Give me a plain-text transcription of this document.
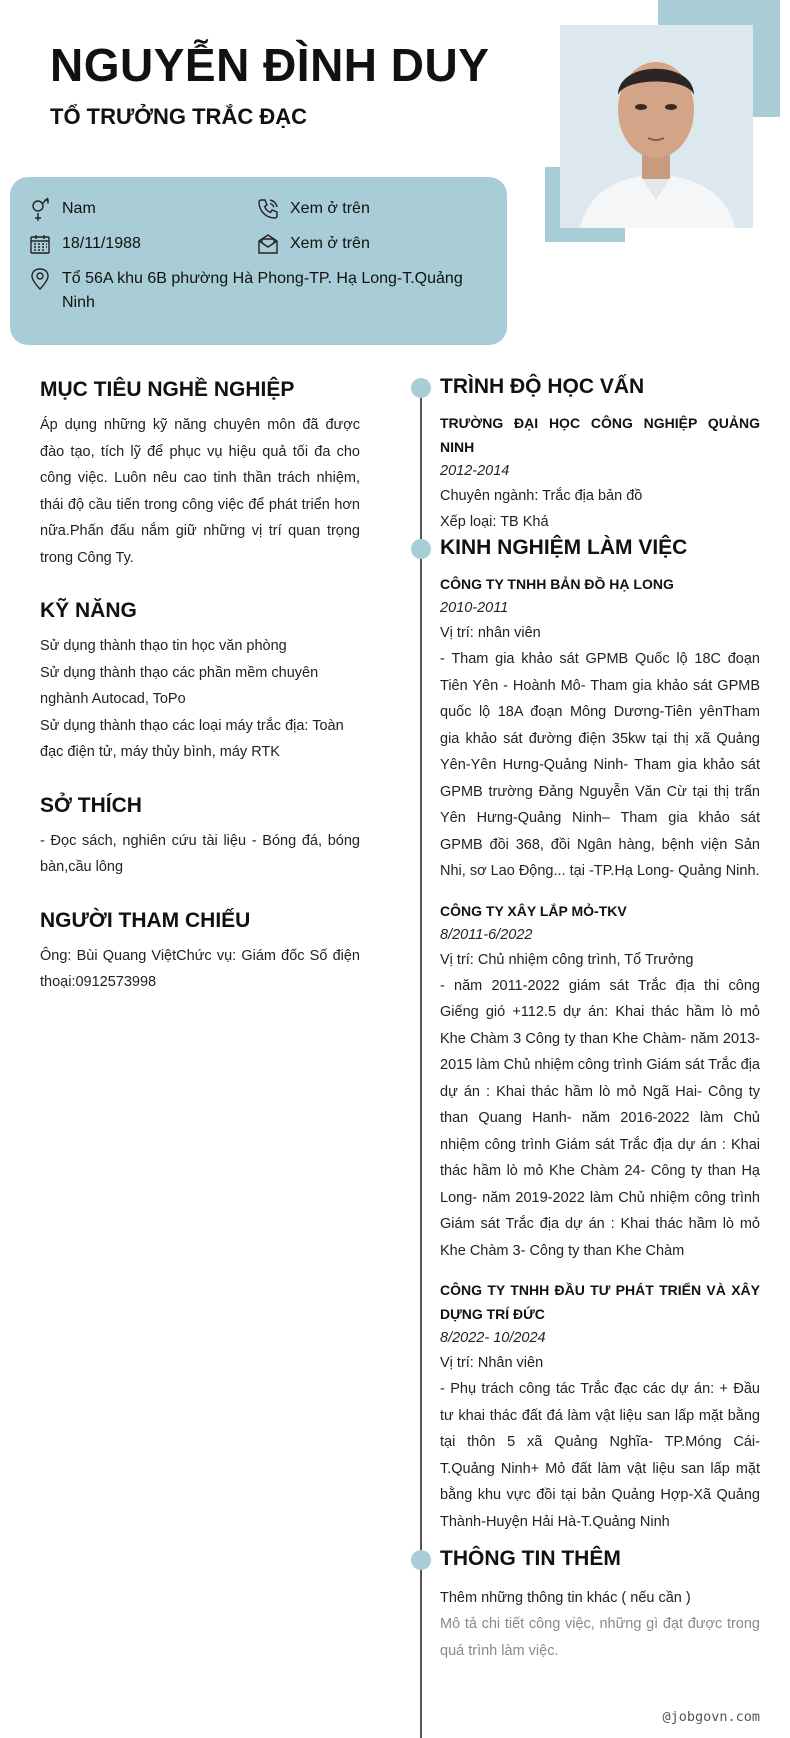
NGUYỄN ĐÌNH DUY
TỔ TRƯỞNG TRẮC ĐẠC
Nam	Xem ở trên
18/11/1988	Xem ở trên
Tổ 56A khu 6B phường Hà Phong-TP. Hạ Long-T.Quảng Ninh
MỤC TIÊU NGHỀ NGHIỆP
Áp dụng những kỹ năng chuyên môn đã được đào tạo, tích lỹ để phục vụ hiệu quả tối đa cho công việc. Luôn nêu cao tinh thần trách nhiệm, thái độ cầu tiến trong công việc để phát triển hơn nữa.Phấn đấu nắm giữ những vị trí quan trọng trong Công Ty.
KỸ NĂNG
Sử dụng thành thạo tin học văn phòng
Sử dụng thành thạo các phần mềm chuyên nghành Autocad, ToPo
Sử dụng thành thạo các loại máy trắc địa: Toàn đạc điện tử, máy thủy bình, máy RTK
SỞ THÍCH
- Đọc sách, nghiên cứu tài liệu - Bóng đá, bóng bàn,cầu lông
NGƯỜI THAM CHIẾU
Ông: Bùi Quang ViệtChức vụ: Giám đốc Số điện thoại:0912573998
TRÌNH ĐỘ HỌC VẤN
TRƯỜNG ĐẠI HỌC CÔNG NGHIỆP QUẢNG NINH
2012-2014
Chuyên ngành: Trắc địa bản đồ
Xếp loại: TB Khá
KINH NGHIỆM LÀM VIỆC
CÔNG TY TNHH BẢN ĐỒ HẠ LONG
2010-2011
Vị trí: nhân viên
- Tham gia khảo sát GPMB Quốc lộ 18C đoạn Tiên Yên - Hoành Mô- Tham gia khảo sát GPMB quốc lộ 18A đoạn Mông Dương-Tiên yênTham gia khảo sát đường điện 35kw tại thị xã Quảng Yên-Yên Hưng-Quảng Ninh- Tham gia khảo sát GPMB trường Đảng Nguyễn Văn Cừ tại thị trấn Yên Hưng-Quảng Ninh– Tham gia khảo sát GPMB đồi 368, đồi Ngân hàng, bệnh viện Sản Nhi, sơ Lao Động... tại -TP.Hạ Long- Quảng Ninh.
CÔNG TY XÂY LẮP MỎ-TKV
8/2011-6/2022
Vị trí: Chủ nhiệm công trình, Tổ Trưởng
- năm 2011-2022 giám sát Trắc địa thi công Giếng gió +112.5 dự án: Khai thác hầm lò mỏ Khe Chàm 3 Công ty than Khe Chàm- năm 2013-2015 làm Chủ nhiệm công trình Giám sát Trắc địa dự án : Khai thác hầm lò mỏ Ngã Hai- Công ty than Quang Hanh- năm 2016-2022 làm Chủ nhiệm công trình Giám sát Trắc địa dự án : Khai thác hầm lò mỏ Khe Chàm 24- Công ty than Hạ Long- năm 2019-2022 làm Chủ nhiệm công trình Giám sát Trắc địa dự án : Khai thác hầm lò mỏ Khe Chàm 3- Công ty than Khe Chàm
CÔNG TY TNHH ĐẦU TƯ PHÁT TRIỂN VÀ XÂY DỰNG TRÍ ĐỨC
8/2022- 10/2024
Vị trí: Nhân viên
- Phụ trách công tác Trắc đạc các dự án: + Đầu tư khai thác đất đá làm vật liệu san lấp mặt bằng tại thôn 5 xã Quảng Nghĩa- TP.Móng Cái-T.Quảng Ninh+ Mỏ đất làm vật liệu san lấp mặt bằng khu vực đồi tại bản Quảng Hợp-Xã Quảng Thành-Huyện Hải Hà-T.Quảng Ninh
THÔNG TIN THÊM
Thêm những thông tin khác ( nếu cần )
Mô tả chi tiết công việc, những gì đạt được trong quá trình làm việc.
@jobgovn.com
